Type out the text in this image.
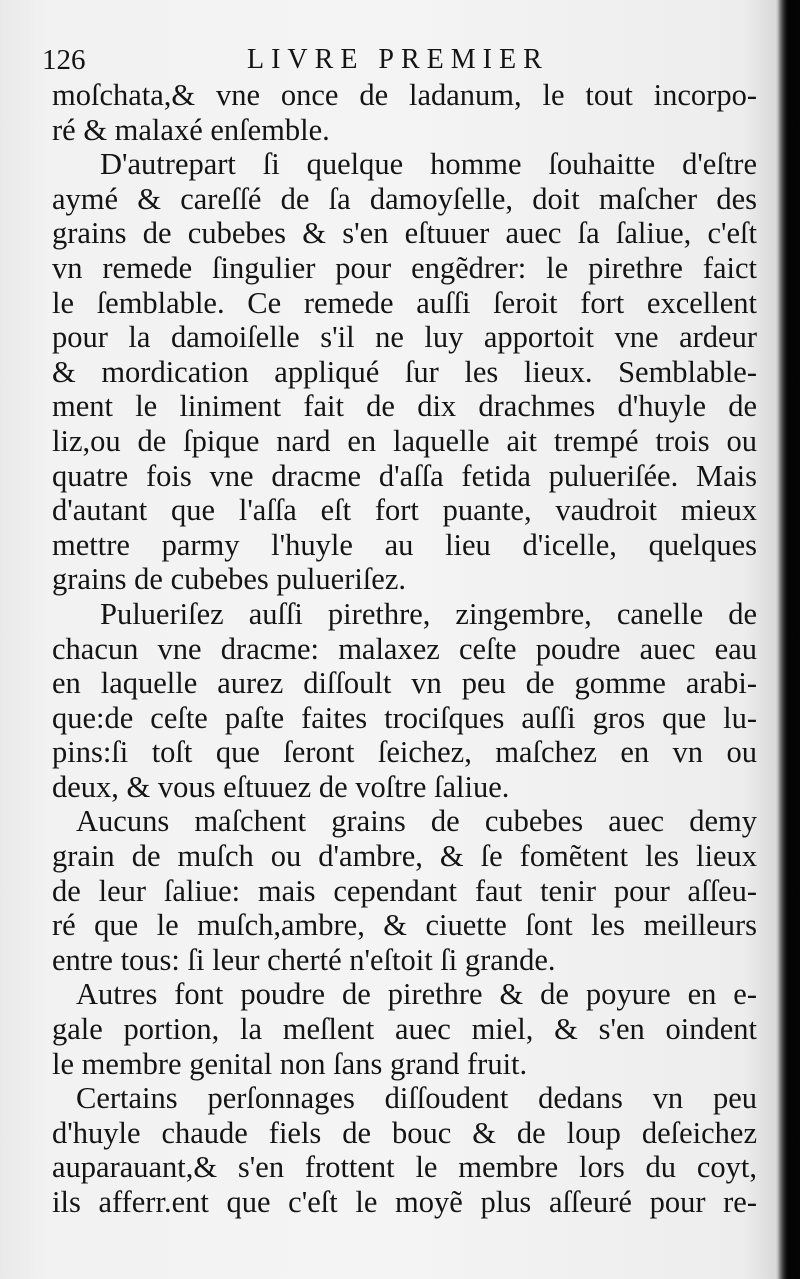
126	LIVRE PREMIER
moſchata,& vne once de ladanum, le tout incorpo-
ré & malaxé enſemble.
D'autrepart ſi quelque homme ſouhaitte d'eſtre
aymé & careſſé de ſa damoyſelle, doit maſcher des
grains de cubebes & s'en eſtuuer auec ſa ſaliue, c'eſt
vn remede ſingulier pour engẽdrer: le pirethre faict
le ſemblable. Ce remede auſſi ſeroit fort excellent
pour la damoiſelle s'il ne luy apportoit vne ardeur
& mordication appliqué ſur les lieux. Semblable-
ment le liniment fait de dix drachmes d'huyle de
liz,ou de ſpique nard en laquelle ait trempé trois ou
quatre fois vne dracme d'aſſa fetida pulueriſée. Mais
d'autant que l'aſſa eſt fort puante, vaudroit mieux
mettre parmy l'huyle au lieu d'icelle, quelques
grains de cubebes pulueriſez.
Pulueriſez auſſi pirethre, zingembre, canelle de
chacun vne dracme: malaxez ceſte poudre auec eau
en laquelle aurez diſſoult vn peu de gomme arabi-
que:de ceſte paſte faites trociſques auſſi gros que lu-
pins:ſi toſt que ſeront ſeichez, maſchez en vn ou
deux, & vous eſtuuez de voſtre ſaliue.
Aucuns maſchent grains de cubebes auec demy
grain de muſch ou d'ambre, & ſe fomẽtent les lieux
de leur ſaliue: mais cependant faut tenir pour aſſeu-
ré que le muſch,ambre, & ciuette ſont les meilleurs
entre tous: ſi leur cherté n'eſtoit ſi grande.
Autres font poudre de pirethre & de poyure en e-
gale portion, la meſlent auec miel, & s'en oindent
le membre genital non ſans grand fruit.
Certains perſonnages diſſoudent dedans vn peu
d'huyle chaude fiels de bouc & de loup deſeichez
auparauant,& s'en frottent le membre lors du coyt,
ils afferr.ent que c'eſt le moyẽ plus aſſeuré pour re-
